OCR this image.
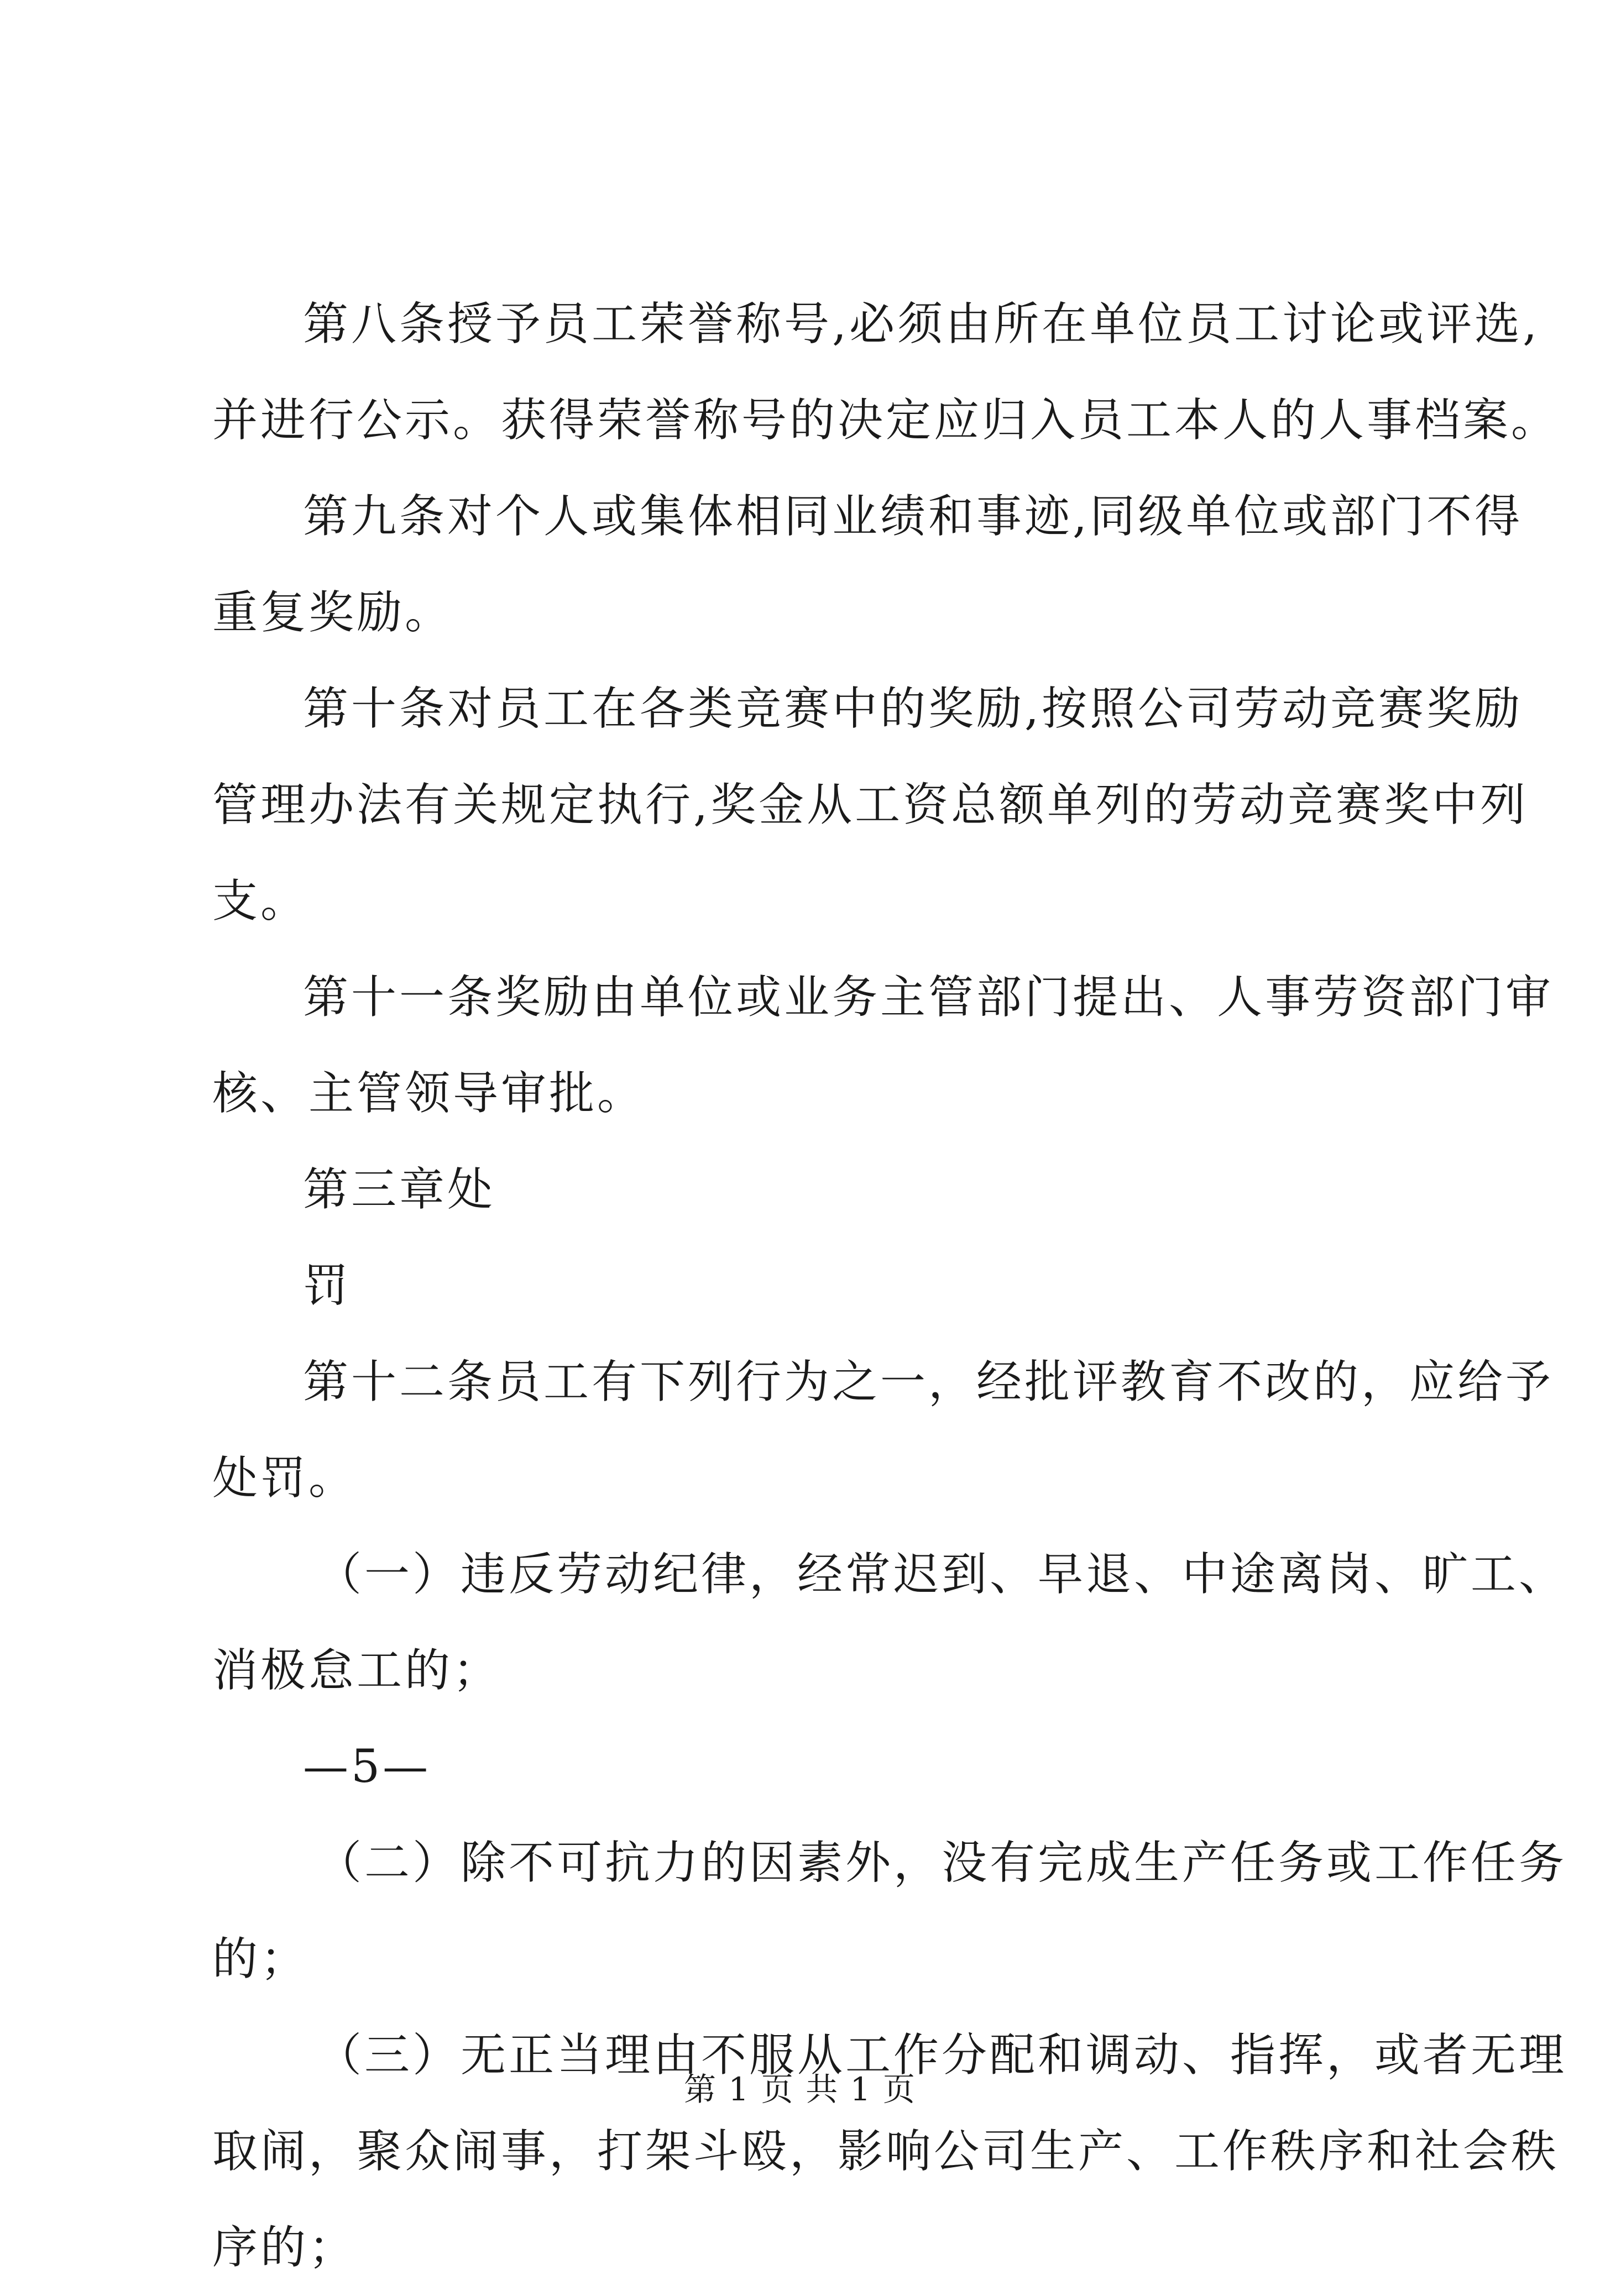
第八条授予员工荣誉称号,必须由所在单位员工讨论或评选,
并进行公示。获得荣誉称号的决定应归入员工本人的人事档案。
第九条对个人或集体相同业绩和事迹,同级单位或部门不得
重复奖励。
第十条对员工在各类竞赛中的奖励,按照公司劳动竞赛奖励
管理办法有关规定执行,奖金从工资总额单列的劳动竞赛奖中列
支。
第十一条奖励由单位或业务主管部门提出、人事劳资部门审
核、主管领导审批。
第三章处
罚
第十二条员工有下列行为之一，经批评教育不改的，应给予
处罚。
（一）违反劳动纪律，经常迟到、早退、中途离岗、旷工、
消极怠工的；
—5—
（二）除不可抗力的因素外，没有完成生产任务或工作任务
的；
（三）无正当理由不服从工作分配和调动、指挥，或者无理
取闹，聚众闹事，打架斗殴，影响公司生产、工作秩序和社会秩
序的；
第 1 页 共 1 页
